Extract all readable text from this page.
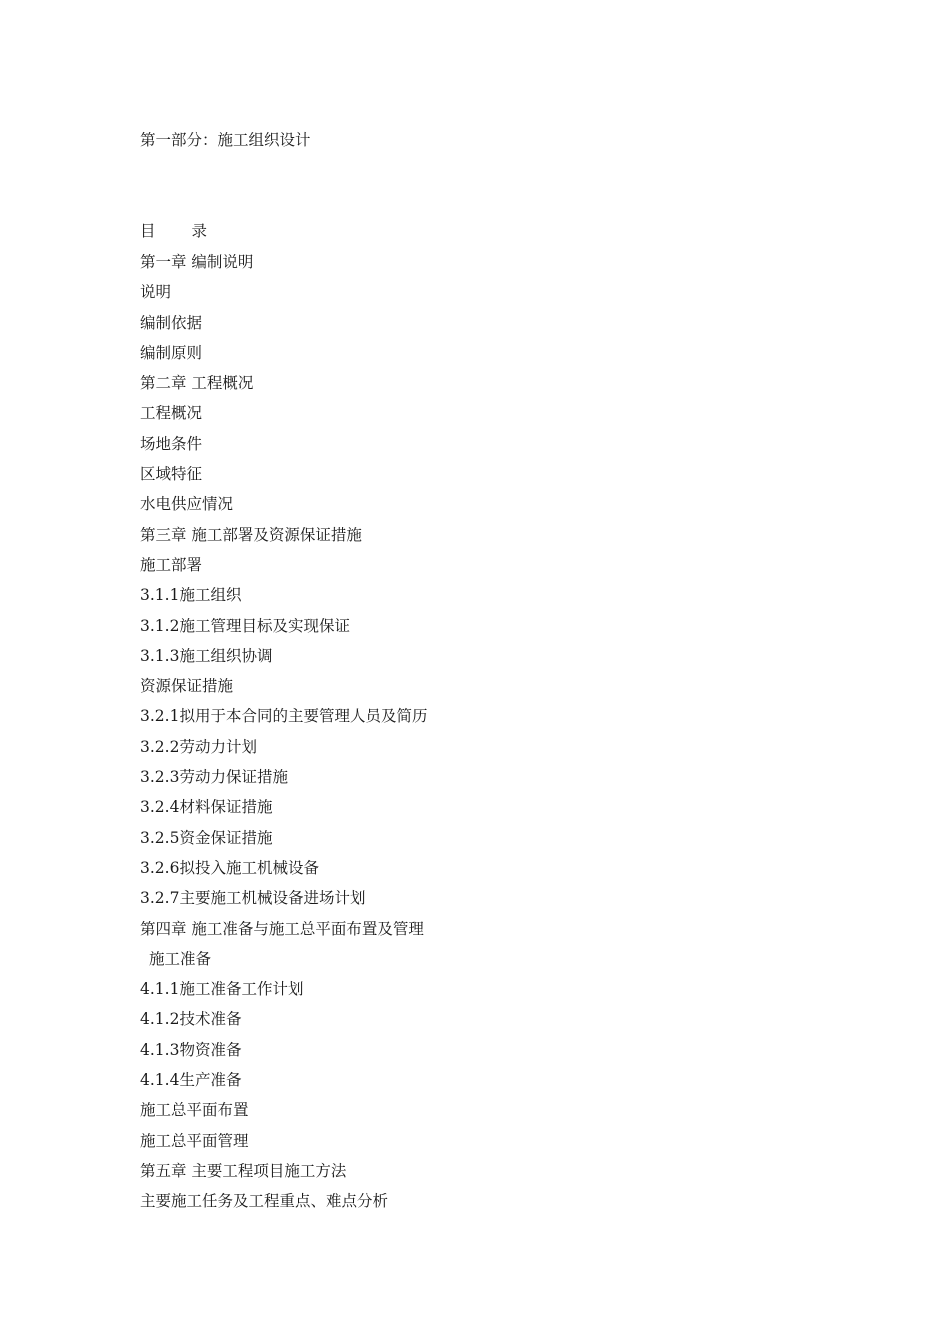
第一部分：施工组织设计
目 录
第一章 编制说明
说明
编制依据
编制原则
第二章 工程概况
工程概况
场地条件
区域特征
水电供应情况
第三章 施工部署及资源保证措施
施工部署
3.1.1施工组织
3.1.2施工管理目标及实现保证
3.1.3施工组织协调
资源保证措施
3.2.1拟用于本合同的主要管理人员及简历
3.2.2劳动力计划
3.2.3劳动力保证措施
3.2.4材料保证措施
3.2.5资金保证措施
3.2.6拟投入施工机械设备
3.2.7主要施工机械设备进场计划
第四章 施工准备与施工总平面布置及管理
施工准备
4.1.1施工准备工作计划
4.1.2技术准备
4.1.3物资准备
4.1.4生产准备
施工总平面布置
施工总平面管理
第五章 主要工程项目施工方法
主要施工任务及工程重点、难点分析
